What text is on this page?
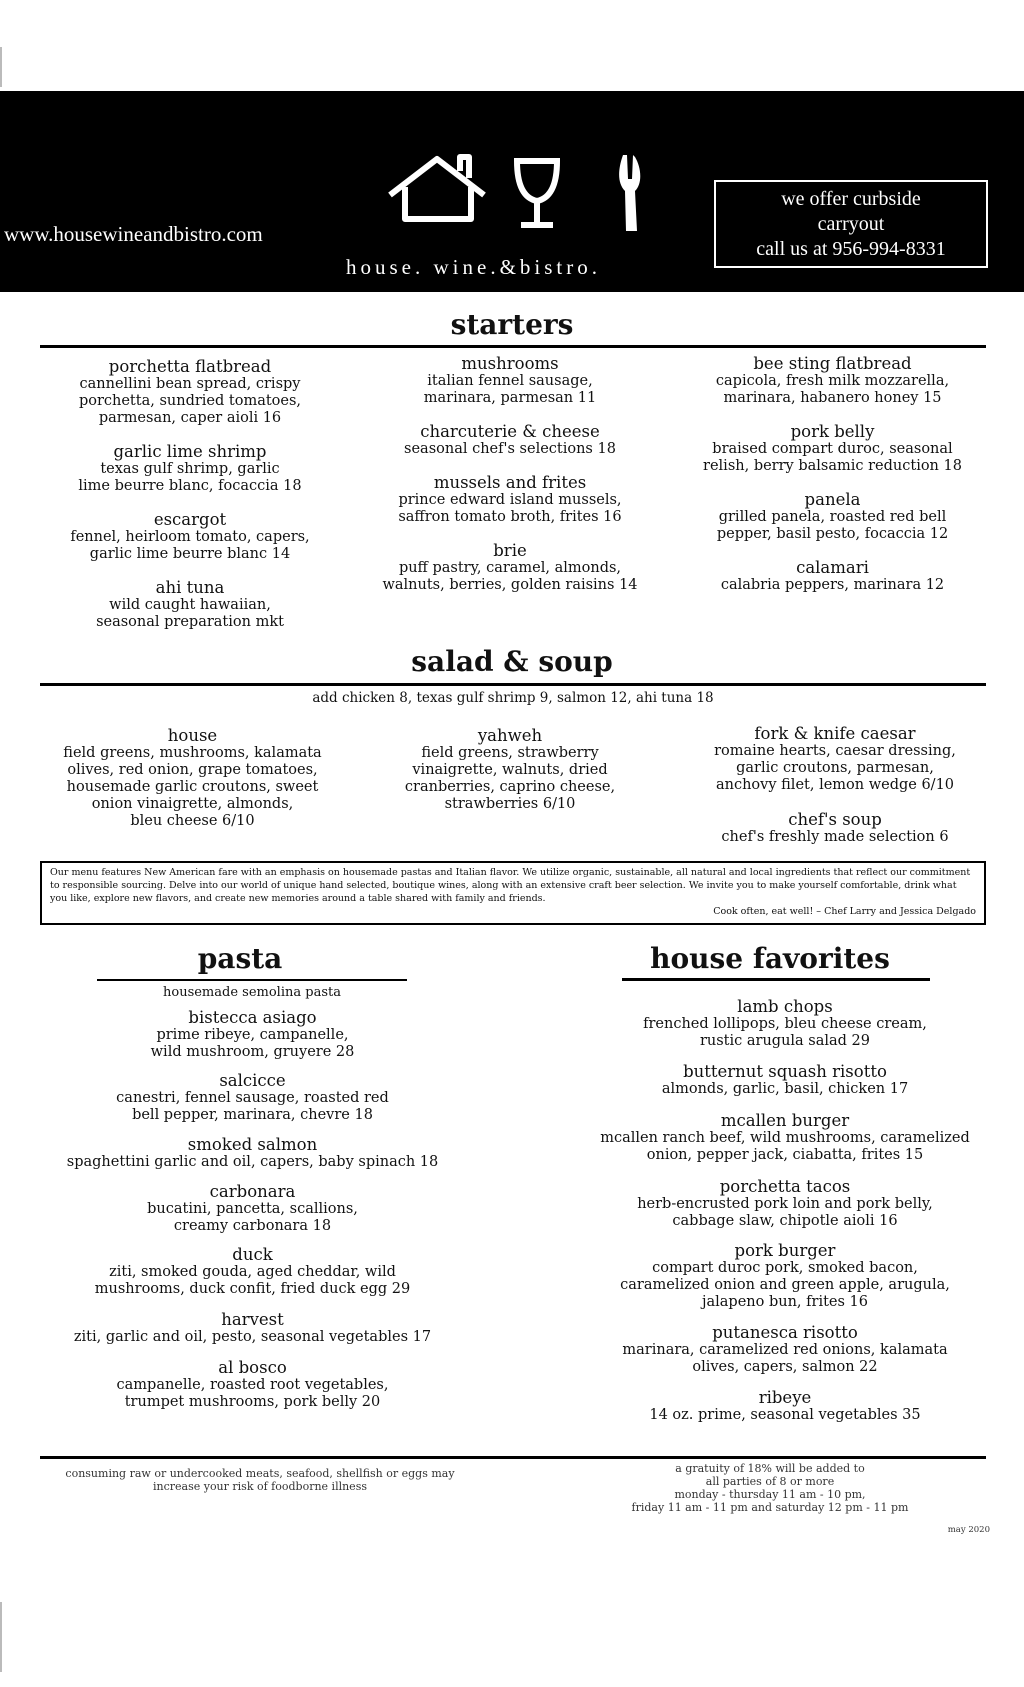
www.housewineandbistro.com
house. wine.&bistro.
we offer curbside
carryout
call us at 956-994-8331
starters
porchetta flatbread
cannellini bean spread, crispy
porchetta, sundried tomatoes,
parmesan, caper aioli 16
garlic lime shrimp
texas gulf shrimp, garlic
lime beurre blanc, focaccia 18
escargot
fennel, heirloom tomato, capers,
garlic lime beurre blanc 14
ahi tuna
wild caught hawaiian,
seasonal preparation mkt
mushrooms
italian fennel sausage,
marinara, parmesan 11
charcuterie & cheese
seasonal chef's selections 18
mussels and frites
prince edward island mussels,
saffron tomato broth, frites 16
brie
puff pastry, caramel, almonds,
walnuts, berries, golden raisins 14
bee sting flatbread
capicola, fresh milk mozzarella,
marinara, habanero honey 15
pork belly
braised compart duroc, seasonal
relish, berry balsamic reduction 18
panela
grilled panela, roasted red bell
pepper, basil pesto, focaccia 12
calamari
calabria peppers, marinara 12
salad & soup
add chicken 8, texas gulf shrimp 9, salmon 12, ahi tuna 18
house
field greens, mushrooms, kalamata
olives, red onion, grape tomatoes,
housemade garlic croutons, sweet
onion vinaigrette, almonds,
bleu cheese 6/10
yahweh
field greens, strawberry
vinaigrette, walnuts, dried
cranberries, caprino cheese,
strawberries 6/10
fork & knife caesar
romaine hearts, caesar dressing,
garlic croutons, parmesan,
anchovy filet, lemon wedge 6/10
chef's soup
chef's freshly made selection 6
Our menu features New American fare with an emphasis on housemade pastas and Italian flavor. We utilize organic, sustainable, all natural and local ingredients that reflect our commitment to responsible sourcing. Delve into our world of unique hand selected, boutique wines, along with an extensive craft beer selection. We invite you to make yourself comfortable, drink what you like, explore new flavors, and create new memories around a table shared with family and friends.
Cook often, eat well! – Chef Larry and Jessica Delgado
pasta
housemade semolina pasta
bistecca asiago
prime ribeye, campanelle,
wild mushroom, gruyere 28
salcicce
canestri, fennel sausage, roasted red
bell pepper, marinara, chevre 18
smoked salmon
spaghettini garlic and oil, capers, baby spinach 18
carbonara
bucatini, pancetta, scallions,
creamy carbonara 18
duck
ziti, smoked gouda, aged cheddar, wild
mushrooms, duck confit, fried duck egg 29
harvest
ziti, garlic and oil, pesto, seasonal vegetables 17
al bosco
campanelle, roasted root vegetables,
trumpet mushrooms, pork belly 20
house favorites
lamb chops
frenched lollipops, bleu cheese cream,
rustic arugula salad 29
butternut squash risotto
almonds, garlic, basil, chicken 17
mcallen burger
mcallen ranch beef, wild mushrooms, caramelized
onion, pepper jack, ciabatta, frites 15
porchetta tacos
herb-encrusted pork loin and pork belly,
cabbage slaw, chipotle aioli 16
pork burger
compart duroc pork, smoked bacon,
caramelized onion and green apple, arugula,
jalapeno bun, frites 16
putanesca risotto
marinara, caramelized red onions, kalamata
olives, capers, salmon 22
ribeye
14 oz. prime, seasonal vegetables 35
consuming raw or undercooked meats, seafood, shellfish or eggs may
increase your risk of foodborne illness
a gratuity of 18% will be added to
all parties of 8 or more
monday - thursday 11 am - 10 pm,
friday 11 am - 11 pm and saturday 12 pm - 11 pm
may 2020
